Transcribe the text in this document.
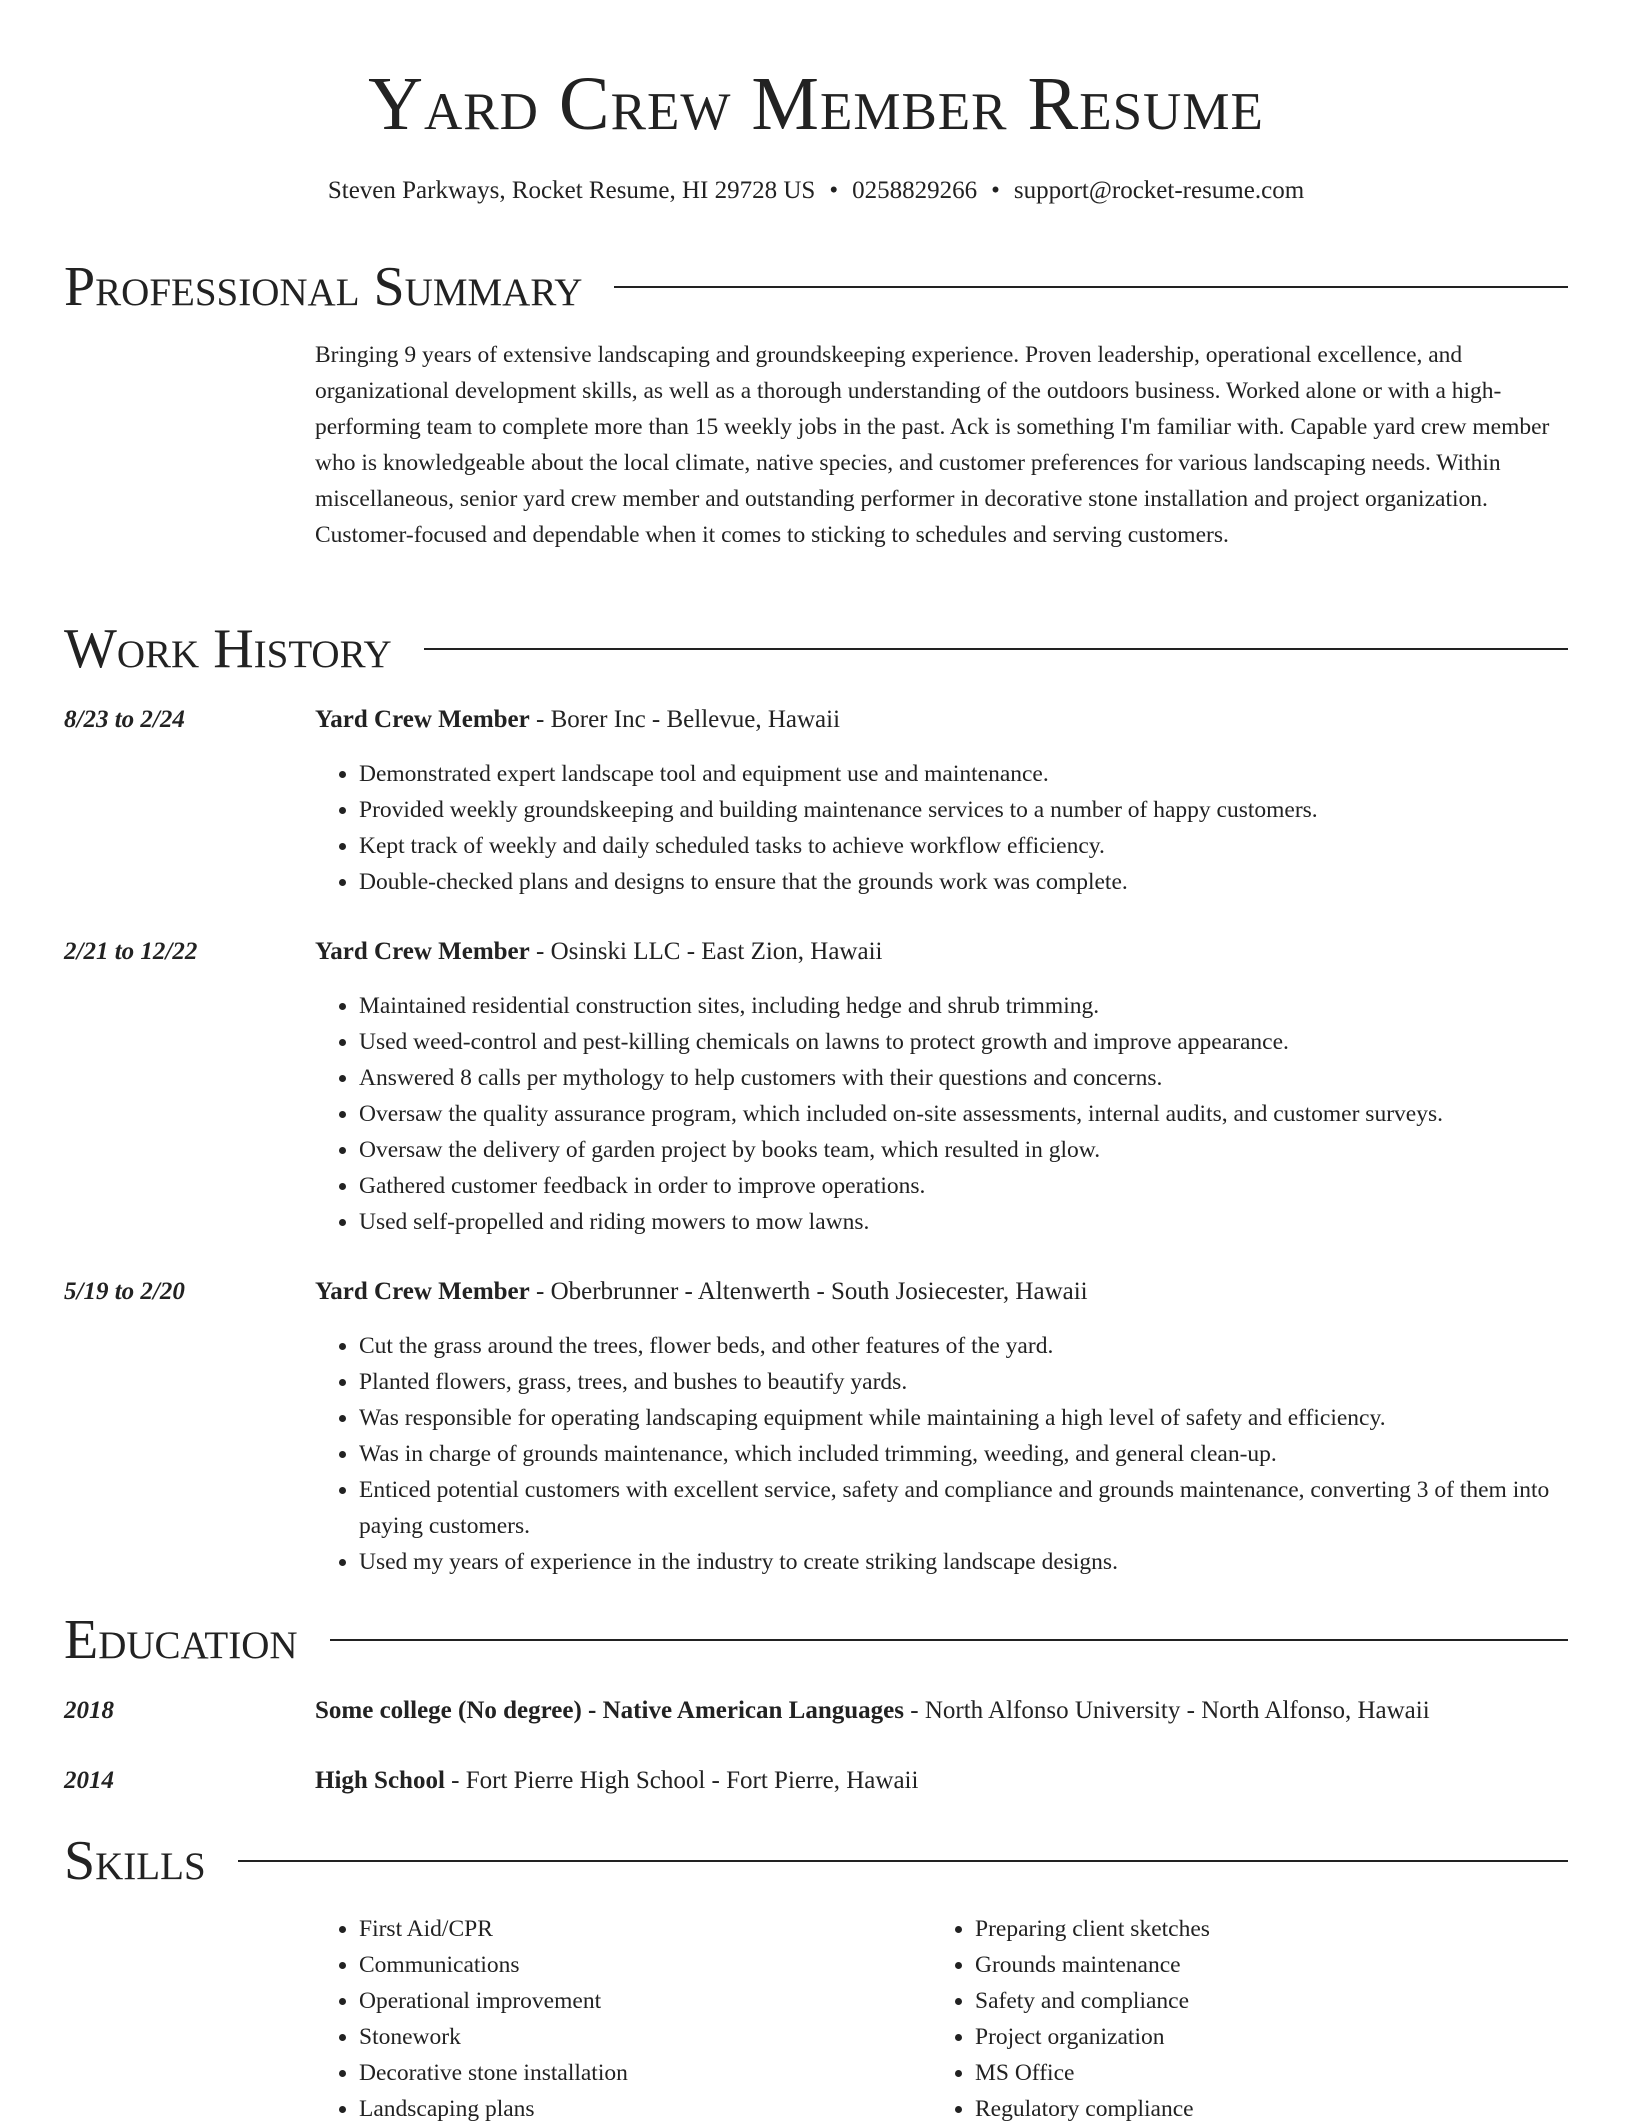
Yard Crew Member Resume
Steven Parkways, Rocket Resume, HI 29728 US • 0258829266 • support@rocket-resume.com
Professional Summary

Bringing 9 years of extensive landscaping and groundskeeping experience. Proven leadership, operational excellence, and organizational development skills, as well as a thorough understanding of the outdoors business. Worked alone or with a high-performing team to complete more than 15 weekly jobs in the past. Ack is something I'm familiar with. Capable yard crew member who is knowledgeable about the local climate, native species, and customer preferences for various landscaping needs. Within miscellaneous, senior yard crew member and outstanding performer in decorative stone installation and project organization. Customer-focused and dependable when it comes to sticking to schedules and serving customers.

Work History
8/23 to 2/24	Yard Crew Member - Borer Inc - Bellevue, Hawaii
• Demonstrated expert landscape tool and equipment use and maintenance.
• Provided weekly groundskeeping and building maintenance services to a number of happy customers.
• Kept track of weekly and daily scheduled tasks to achieve workflow efficiency.
• Double-checked plans and designs to ensure that the grounds work was complete.
2/21 to 12/22	Yard Crew Member - Osinski LLC - East Zion, Hawaii
• Maintained residential construction sites, including hedge and shrub trimming.
• Used weed-control and pest-killing chemicals on lawns to protect growth and improve appearance.
• Answered 8 calls per mythology to help customers with their questions and concerns.
• Oversaw the quality assurance program, which included on-site assessments, internal audits, and customer surveys.
• Oversaw the delivery of garden project by books team, which resulted in glow.
• Gathered customer feedback in order to improve operations.
• Used self-propelled and riding mowers to mow lawns.
5/19 to 2/20	Yard Crew Member - Oberbrunner - Altenwerth - South Josiecester, Hawaii
• Cut the grass around the trees, flower beds, and other features of the yard.
• Planted flowers, grass, trees, and bushes to beautify yards.
• Was responsible for operating landscaping equipment while maintaining a high level of safety and efficiency.
• Was in charge of grounds maintenance, which included trimming, weeding, and general clean-up.
• Enticed potential customers with excellent service, safety and compliance and grounds maintenance, converting 3 of them into paying customers.
• Used my years of experience in the industry to create striking landscape designs.
Education
2018	Some college (No degree) - Native American Languages - North Alfonso University - North Alfonso, Hawaii
2014	High School - Fort Pierre High School - Fort Pierre, Hawaii
Skills
• First Aid/CPR
• Communications
• Operational improvement
• Stonework
• Decorative stone installation
• Landscaping plans
• Preparing client sketches
• Grounds maintenance
• Safety and compliance
• Project organization
• MS Office
• Regulatory compliance
